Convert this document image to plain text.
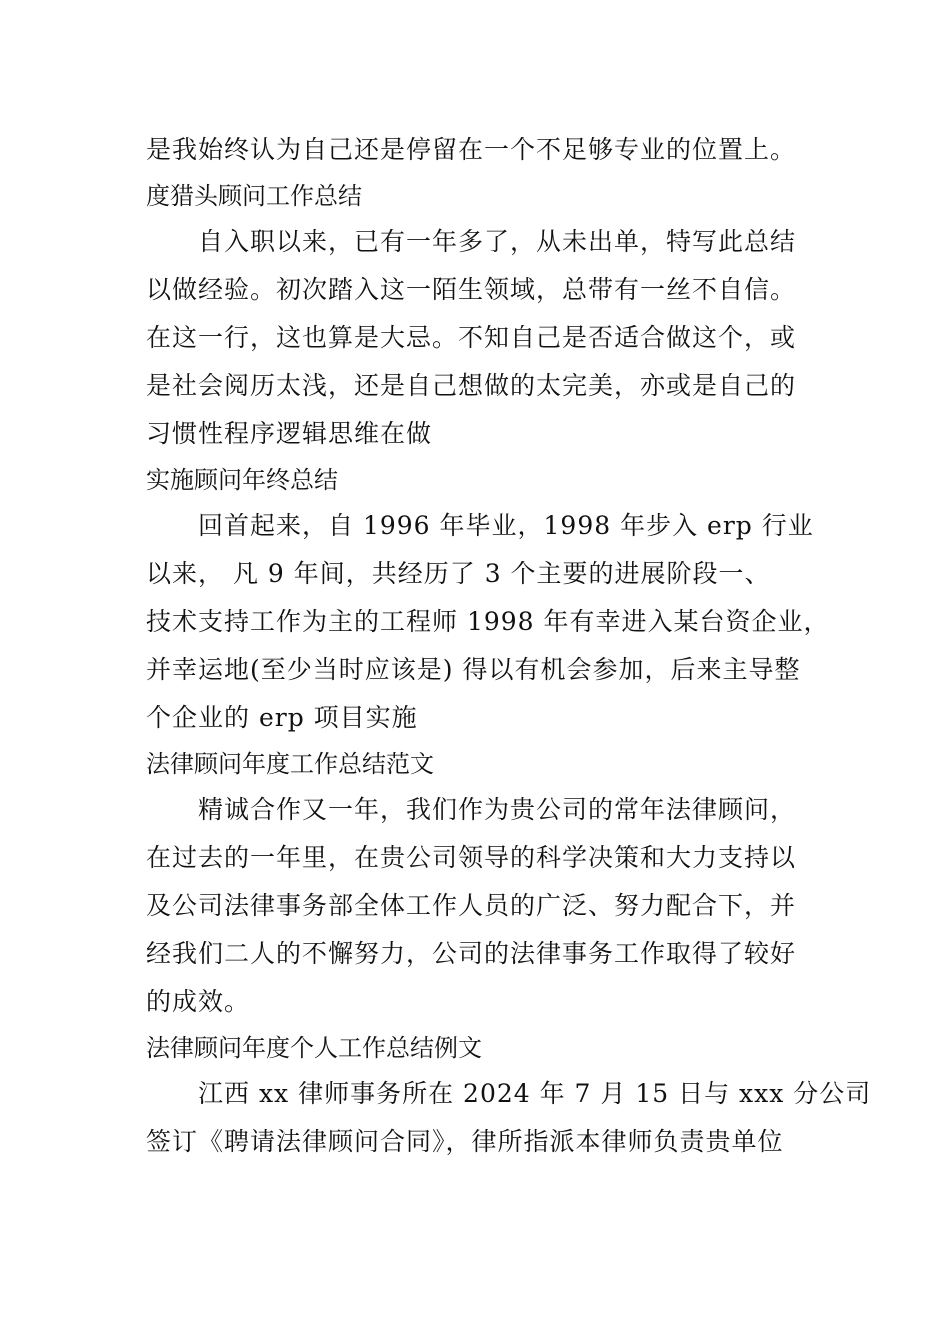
是我始终认为自己还是停留在一个不足够专业的位置上。
度猎头顾问工作总结
自入职以来，已有一年多了，从未出单，特写此总结
以做经验。初次踏入这一陌生领域，总带有一丝不自信。
在这一行，这也算是大忌。不知自己是否适合做这个，或
是社会阅历太浅，还是自己想做的太完美，亦或是自己的
习惯性程序逻辑思维在做
实施顾问年终总结
回首起来，自 1996 年毕业，1998 年步入 erp 行业
以来， 凡 9 年间，共经历了 3 个主要的进展阶段一、
技术支持工作为主的工程师 1998 年有幸进入某台资企业，
并幸运地(至少当时应该是) 得以有机会参加，后来主导整
个企业的 erp 项目实施
法律顾问年度工作总结范文
精诚合作又一年，我们作为贵公司的常年法律顾问，
在过去的一年里，在贵公司领导的科学决策和大力支持以
及公司法律事务部全体工作人员的广泛、努力配合下，并
经我们二人的不懈努力，公司的法律事务工作取得了较好
的成效。
法律顾问年度个人工作总结例文
江西 xx 律师事务所在 2024 年 7 月 15 日与 xxx 分公司
签订《聘请法律顾问合同》，律所指派本律师负责贵单位
